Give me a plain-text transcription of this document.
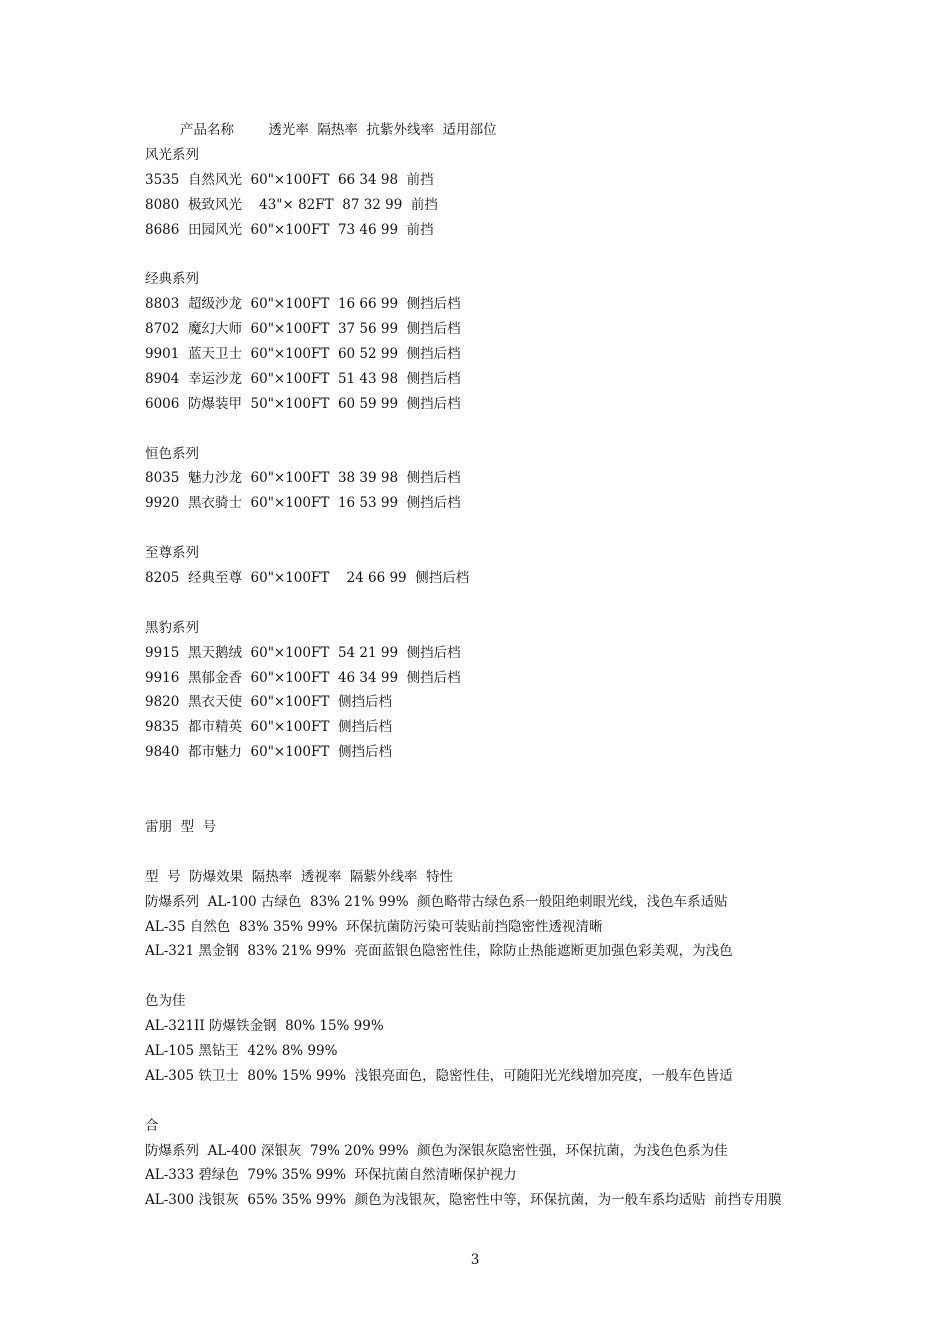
产品名称        透光率  隔热率  抗紫外线率  适用部位
风光系列
3535  自然风光  60"×100FT  66 34 98  前挡
8080  极致风光    43"× 82FT  87 32 99  前挡
8686  田园风光  60"×100FT  73 46 99  前挡
经典系列
8803  超级沙龙  60"×100FT  16 66 99  侧挡后档
8702  魔幻大师  60"×100FT  37 56 99  侧挡后档
9901  蓝天卫士  60"×100FT  60 52 99  侧挡后档
8904  幸运沙龙  60"×100FT  51 43 98  侧挡后档
6006  防爆装甲  50"×100FT  60 59 99  侧挡后档
恒色系列
8035  魅力沙龙  60"×100FT  38 39 98  侧挡后档
9920  黑衣骑士  60"×100FT  16 53 99  侧挡后档
至尊系列
8205  经典至尊  60"×100FT    24 66 99  侧挡后档
黑豹系列
9915  黑天鹅绒  60"×100FT  54 21 99  侧挡后档
9916  黑郁金香  60"×100FT  46 34 99  侧挡后档
9820  黑衣天使  60"×100FT  侧挡后档
9835  都市精英  60"×100FT  侧挡后档
9840  都市魅力  60"×100FT  侧挡后档
雷朋  型  号
型  号  防爆效果  隔热率  透视率  隔紫外线率  特性
防爆系列  AL-100 古绿色  83% 21% 99%  颜色略带古绿色系一般阻绝刺眼光线，浅色车系适贴
AL-35 自然色  83% 35% 99%  环保抗菌防污染可装贴前挡隐密性透视清晰
AL-321 黑金钢  83% 21% 99%  亮面蓝银色隐密性佳，除防止热能遮断更加强色彩美观，为浅色
色为佳
AL-321II 防爆铁金钢  80% 15% 99%
AL-105 黑钻王  42% 8% 99%
AL-305 铁卫士  80% 15% 99%  浅银亮面色，隐密性佳，可随阳光光线增加亮度，一般车色皆适
合
防爆系列  AL-400 深银灰  79% 20% 99%  颜色为深银灰隐密性强，环保抗菌，为浅色色系为佳
AL-333 碧绿色  79% 35% 99%  环保抗菌自然清晰保护视力
AL-300 浅银灰  65% 35% 99%  颜色为浅银灰，隐密性中等，环保抗菌，为一般车系均适贴  前挡专用膜
3
